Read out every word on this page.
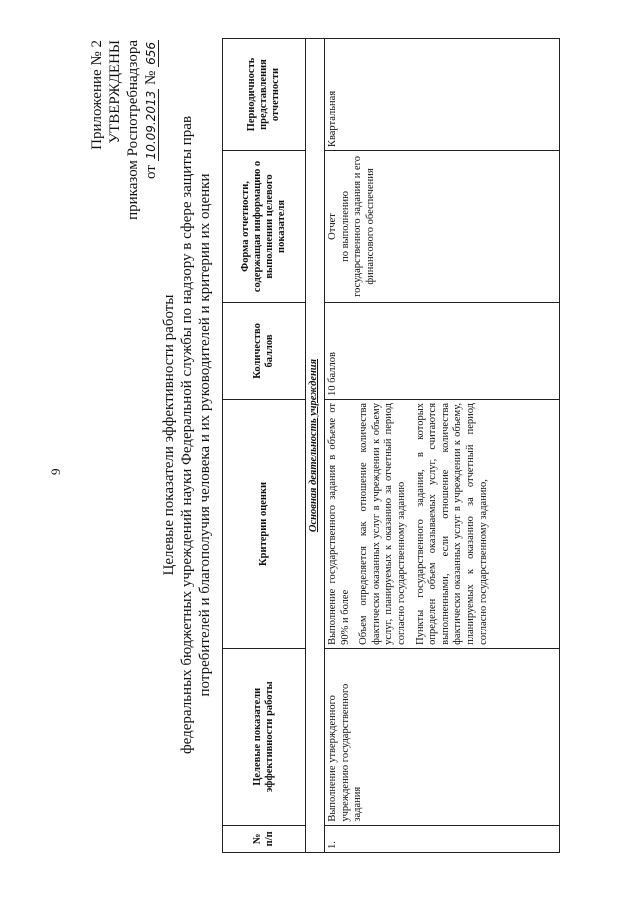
9
Приложение № 2 УТВЕРЖДЕНЫ приказом Роспотребнадзора от 10.09.2013 № 656
Целевые показатели эффективности работы федеральных бюджетных учреждений науки Федеральной службы по надзору в сфере защиты прав потребителей и благополучия человека и их руководителей и критерии их оценки
№ п/п	Целевые показатели эффективности работы	Критерии оценки	Количество баллов	Форма отчетности, содержащая информацию о выполнении целевого показателя	Периодичность представления отчетности
Основная деятельность учреждения					
1.	Выполнение утвержденного учреждению государственного задания	Выполнение государственного задания в объеме от 90% и более Объем определяется как отношение количества фактически оказанных услуг в учреждении к объему услуг, планируемых к оказанию за отчетный период согласно государственному заданию Пункты государственного задания, в которых определен объем оказываемых услуг, считаются выполненными, если отношение количества фактически оказанных услуг в учреждении к объему, планируемых к оказанию за отчетный период согласно государственному заданию,	10 баллов	Отчет по выполнению государственного задания и его финансового обеспечения	Квартальная
